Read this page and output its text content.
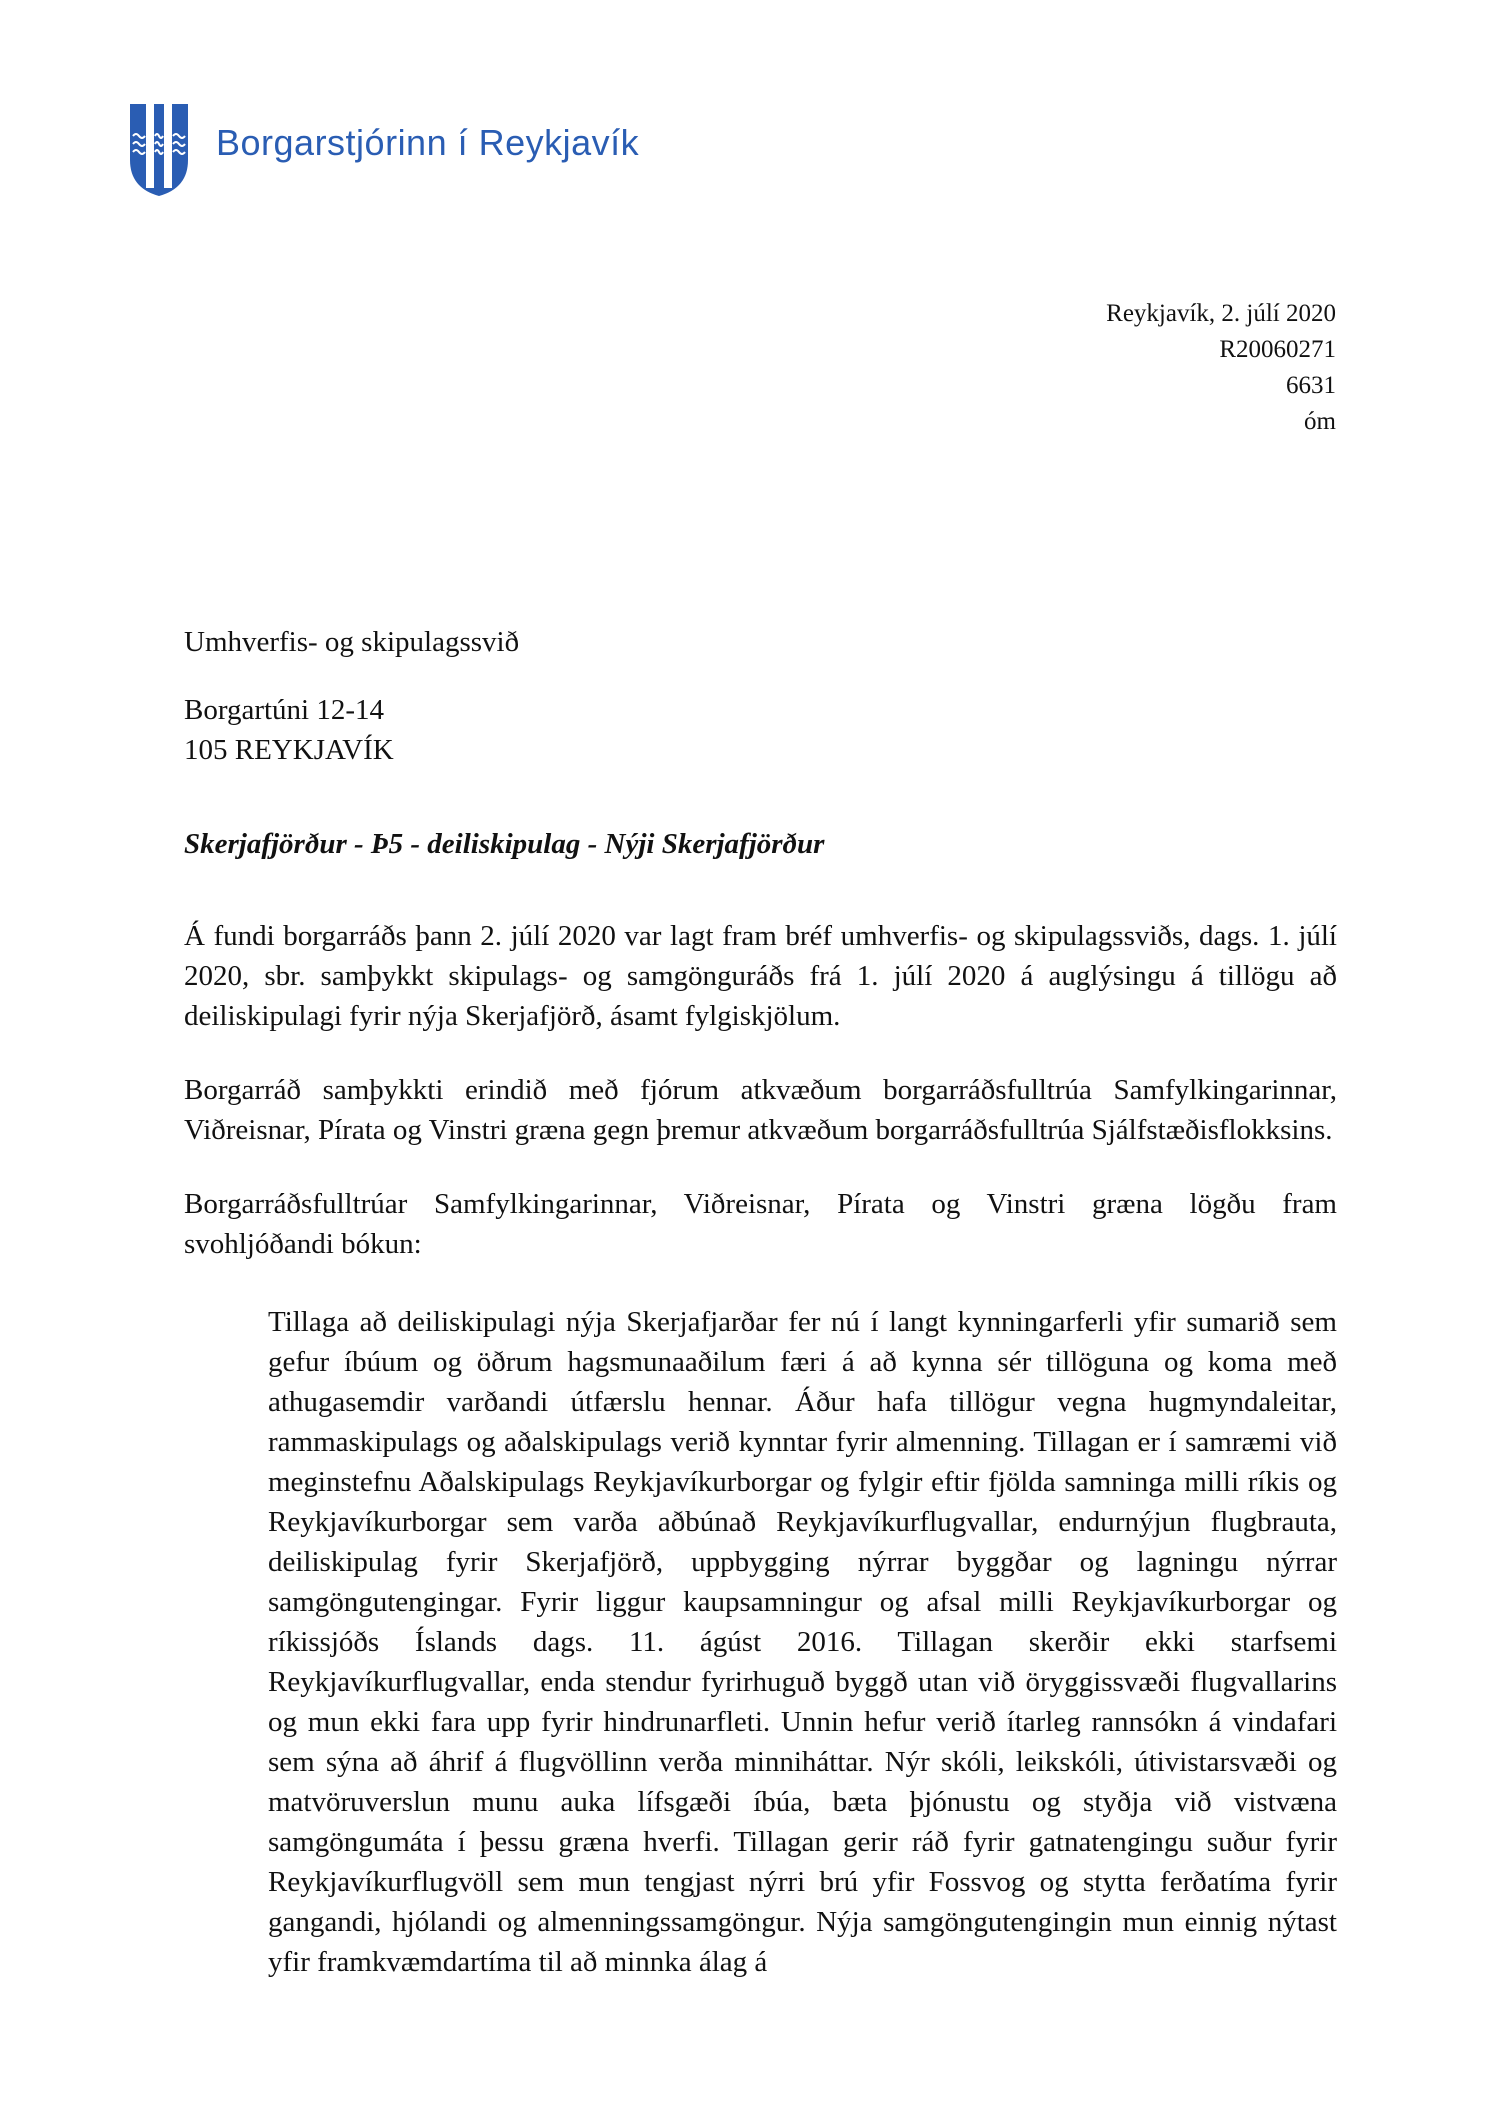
Borgarstjórinn í Reykjavík
Reykjavík, 2. júlí 2020
R20060271
6631
óm
Umhverfis- og skipulagssvið
Borgartúni 12-14
105 REYKJAVÍK
Skerjafjörður - Þ5 - deiliskipulag - Nýji Skerjafjörður

Á fundi borgarráðs þann 2. júlí 2020 var lagt fram bréf umhverfis- og skipulagssviðs, dags. 1. júlí 2020, sbr. samþykkt skipulags- og samgönguráðs frá 1. júlí 2020 á auglýsingu á tillögu að deiliskipulagi fyrir nýja Skerjafjörð, ásamt fylgiskjölum.

Borgarráð samþykkti erindið með fjórum atkvæðum borgarráðsfulltrúa Samfylkingarinnar, Viðreisnar, Pírata og Vinstri græna gegn þremur atkvæðum borgarráðsfulltrúa Sjálfstæðisflokksins.

Borgarráðsfulltrúar Samfylkingarinnar, Viðreisnar, Pírata og Vinstri græna lögðu fram svohljóðandi bókun:

Tillaga að deiliskipulagi nýja Skerjafjarðar fer nú í langt kynningarferli yfir sumarið sem gefur íbúum og öðrum hagsmunaaðilum færi á að kynna sér tillöguna og koma með athugasemdir varðandi útfærslu hennar. Áður hafa tillögur vegna hugmyndaleitar, rammaskipulags og aðalskipulags verið kynntar fyrir almenning. Tillagan er í samræmi við meginstefnu Aðalskipulags Reykjavíkurborgar og fylgir eftir fjölda samninga milli ríkis og Reykjavíkurborgar sem varða aðbúnað Reykjavíkurflugvallar, endurnýjun flugbrauta, deiliskipulag fyrir Skerjafjörð, uppbygging nýrrar byggðar og lagningu nýrrar samgöngutengingar. Fyrir liggur kaupsamningur og afsal milli Reykjavíkurborgar og ríkissjóðs Íslands dags. 11. ágúst 2016. Tillagan skerðir ekki starfsemi Reykjavíkurflugvallar, enda stendur fyrirhuguð byggð utan við öryggissvæði flugvallarins og mun ekki fara upp fyrir hindrunarfleti. Unnin hefur verið ítarleg rannsókn á vindafari sem sýna að áhrif á flugvöllinn verða minniháttar. Nýr skóli, leikskóli, útivistarsvæði og matvöruverslun munu auka lífsgæði íbúa, bæta þjónustu og styðja við vistvæna samgöngumáta í þessu græna hverfi. Tillagan gerir ráð fyrir gatnatengingu suður fyrir Reykjavíkurflugvöll sem mun tengjast nýrri brú yfir Fossvog og stytta ferðatíma fyrir gangandi, hjólandi og almenningssamgöngur. Nýja samgöngutengingin mun einnig nýtast yfir framkvæmdartíma til að minnka álag á
